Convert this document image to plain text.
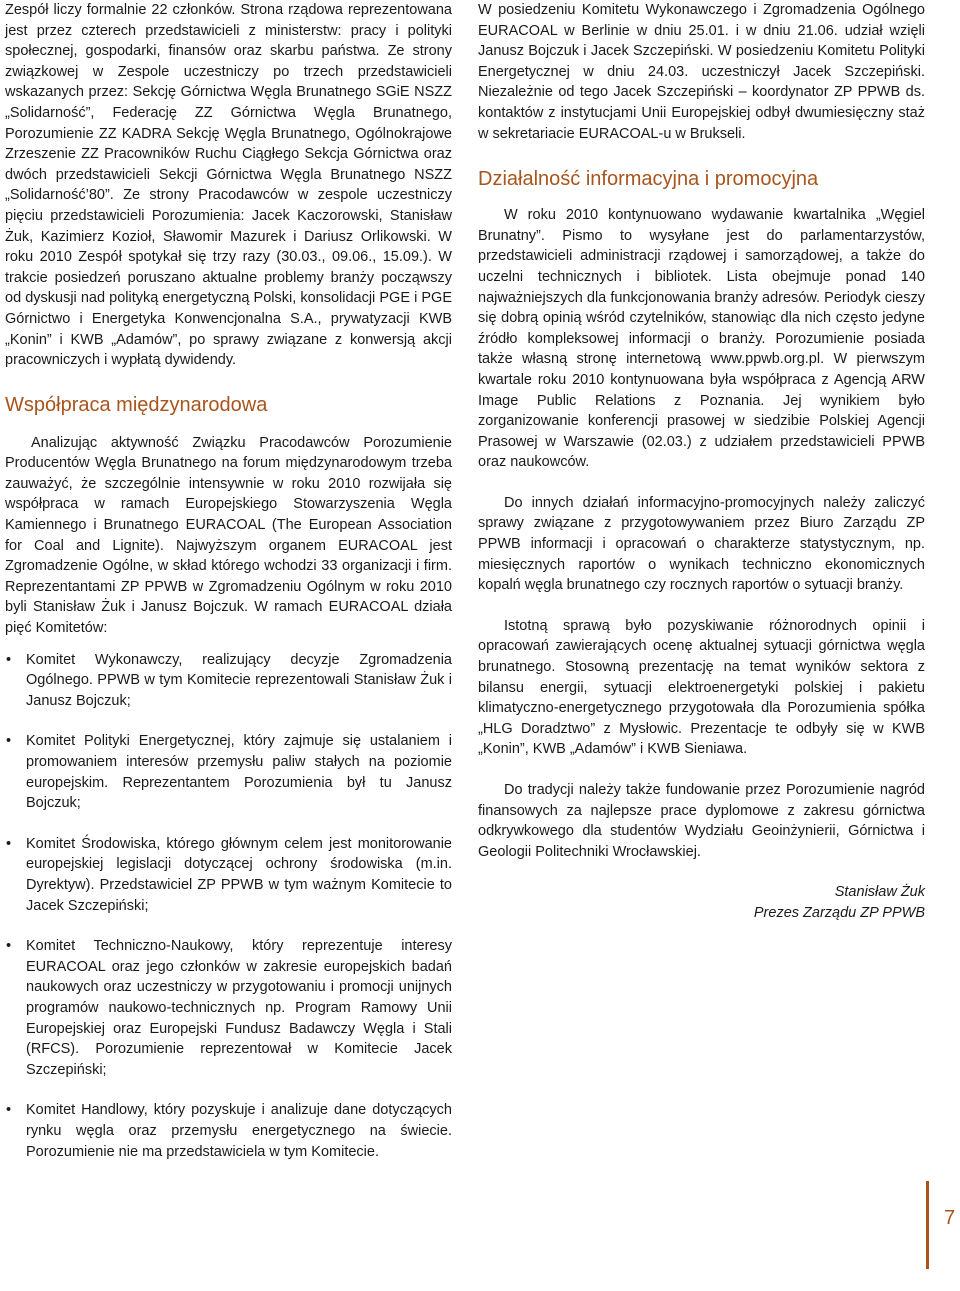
Zespół liczy formalnie 22 członków. Strona rządowa reprezentowana jest przez czterech przedstawicieli z ministerstw: pracy i polityki społecznej, gospodarki, finansów oraz skarbu państwa. Ze strony związkowej w Zespole uczestniczy po trzech przedstawicieli wskazanych przez: Sekcję Górnictwa Węgla Brunatnego SGiE NSZZ „Solidarność”, Federację ZZ Górnictwa Węgla Brunatnego, Porozumienie ZZ KADRA Sekcję Węgla Brunatnego, Ogólnokrajowe Zrzeszenie ZZ Pracowników Ruchu Ciągłego Sekcja Górnictwa oraz dwóch przedstawicieli Sekcji Górnictwa Węgla Brunatnego NSZZ „Solidarność’80”. Ze strony Pracodawców w zespole uczestniczy pięciu przedstawicieli Porozumienia: Jacek Kaczorowski, Stanisław Żuk, Kazimierz Kozioł, Sławomir Mazurek i Dariusz Orlikowski. W roku 2010 Zespół spotykał się trzy razy (30.03., 09.06., 15.09.). W trakcie posiedzeń poruszano aktualne problemy branży począwszy od dyskusji nad polityką energetyczną Polski, konsolidacji PGE i PGE Górnictwo i Energetyka Konwencjonalna S.A., prywatyzacji KWB „Konin” i KWB „Adamów”, po sprawy związane z konwersją akcji pracowniczych i wypłatą dywidendy.

Współpraca międzynarodowa

Analizując aktywność Związku Pracodawców Porozumienie Producentów Węgla Brunatnego na forum międzynarodowym trzeba zauważyć, że szczególnie intensywnie w roku 2010 rozwijała się współpraca w ramach Europejskiego Stowarzyszenia Węgla Kamiennego i Brunatnego EURACOAL (The European Association for Coal and Lignite). Najwyższym organem EURACOAL jest Zgromadzenie Ogólne, w skład którego wchodzi 33 organizacji i firm. Reprezentantami ZP PPWB w Zgromadzeniu Ogólnym w roku 2010 byli Stanisław Żuk i Janusz Bojczuk. W ramach EURACOAL działa pięć Komitetów:

• Komitet Wykonawczy, realizujący decyzje Zgromadzenia Ogólnego. PPWB w tym Komitecie reprezentowali Stanisław Żuk i Janusz Bojczuk;
• Komitet Polityki Energetycznej, który zajmuje się ustalaniem i promowaniem interesów przemysłu paliw stałych na poziomie europejskim. Reprezentantem Porozumienia był tu Janusz Bojczuk;
• Komitet Środowiska, którego głównym celem jest monitorowanie europejskiej legislacji dotyczącej ochrony środowiska (m.in. Dyrektyw). Przedstawiciel ZP PPWB w tym ważnym Komitecie to Jacek Szczepiński;
• Komitet Techniczno-Naukowy, który reprezentuje interesy EURACOAL oraz jego członków w zakresie europejskich badań naukowych oraz uczestniczy w przygotowaniu i promocji unijnych programów naukowo-technicznych np. Program Ramowy Unii Europejskiej oraz Europejski Fundusz Badawczy Węgla i Stali (RFCS). Porozumienie reprezentował w Komitecie Jacek Szczepiński;
• Komitet Handlowy, który pozyskuje i analizuje dane dotyczących rynku węgla oraz przemysłu energetycznego na świecie. Porozumienie nie ma przedstawiciela w tym Komitecie.

W posiedzeniu Komitetu Wykonawczego i Zgromadzenia Ogólnego EURACOAL w Berlinie w dniu 25.01. i w dniu 21.06. udział wzięli Janusz Bojczuk i Jacek Szczepiński. W posiedzeniu Komitetu Polityki Energetycznej w dniu 24.03. uczestniczył Jacek Szczepiński. Niezależnie od tego Jacek Szczepiński – koordynator ZP PPWB ds. kontaktów z instytucjami Unii Europejskiej odbył dwumiesięczny staż w sekretariacie EURACOAL-u w Brukseli.

Działalność informacyjna i promocyjna

W roku 2010 kontynuowano wydawanie kwartalnika „Węgiel Brunatny”. Pismo to wysyłane jest do parlamentarzystów, przedstawicieli administracji rządowej i samorządowej, a także do uczelni technicznych i bibliotek. Lista obejmuje ponad 140 najważniejszych dla funkcjonowania branży adresów. Periodyk cieszy się dobrą opinią wśród czytelników, stanowiąc dla nich często jedyne źródło kompleksowej informacji o branży. Porozumienie posiada także własną stronę internetową www.ppwb.org.pl. W pierwszym kwartale roku 2010 kontynuowana była współpraca z Agencją ARW Image Public Relations z Poznania. Jej wynikiem było zorganizowanie konferencji prasowej w siedzibie Polskiej Agencji Prasowej w Warszawie (02.03.) z udziałem przedstawicieli PPWB oraz naukowców.

Do innych działań informacyjno-promocyjnych należy zaliczyć sprawy związane z przygotowywaniem przez Biuro Zarządu ZP PPWB informacji i opracowań o charakterze statystycznym, np. miesięcznych raportów o wynikach techniczno ekonomicznych kopalń węgla brunatnego czy rocznych raportów o sytuacji branży.

Istotną sprawą było pozyskiwanie różnorodnych opinii i opracowań zawierających ocenę aktualnej sytuacji górnictwa węgla brunatnego. Stosowną prezentację na temat wyników sektora z bilansu energii, sytuacji elektroenergetyki polskiej i pakietu klimatyczno-energetycznego przygotowała dla Porozumienia spółka „HLG Doradztwo” z Mysłowic. Prezentacje te odbyły się w KWB „Konin”, KWB „Adamów” i KWB Sieniawa.

Do tradycji należy także fundowanie przez Porozumienie nagród finansowych za najlepsze prace dyplomowe z zakresu górnictwa odkrywkowego dla studentów Wydziału Geoinżynierii, Górnictwa i Geologii Politechniki Wrocławskiej.

Stanisław Żuk
Prezes Zarządu ZP PPWB
7
